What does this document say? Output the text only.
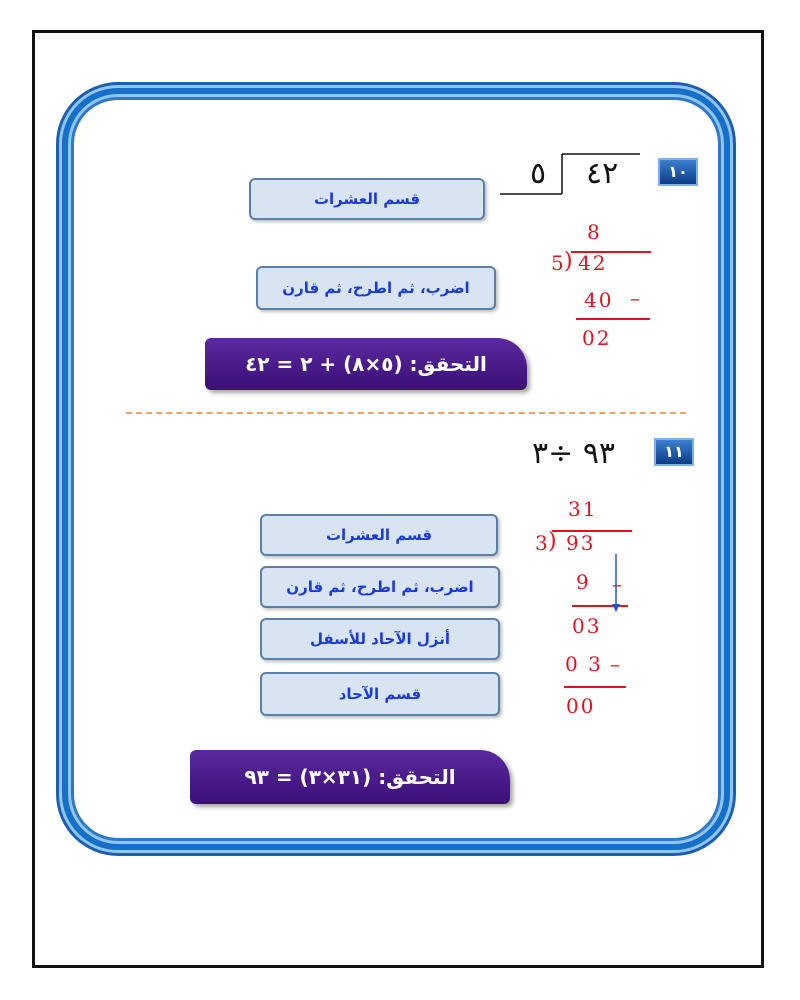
١٠
٥ ٤٢
قسم العشرات
اضرب، ثم اطرح، ثم قارن
التحقق: (٥×٨) + ٢ = ٤٢
8
5
) 42
40 –
02
١١
٩٣ ÷٣
قسم العشرات
اضرب، ثم اطرح، ثم قارن
أنزل الآحاد للأسفل
قسم الآحاد
التحقق: (٣١×٣) = ٩٣
31
3
) 93
9 –
03
0 3 –
00
